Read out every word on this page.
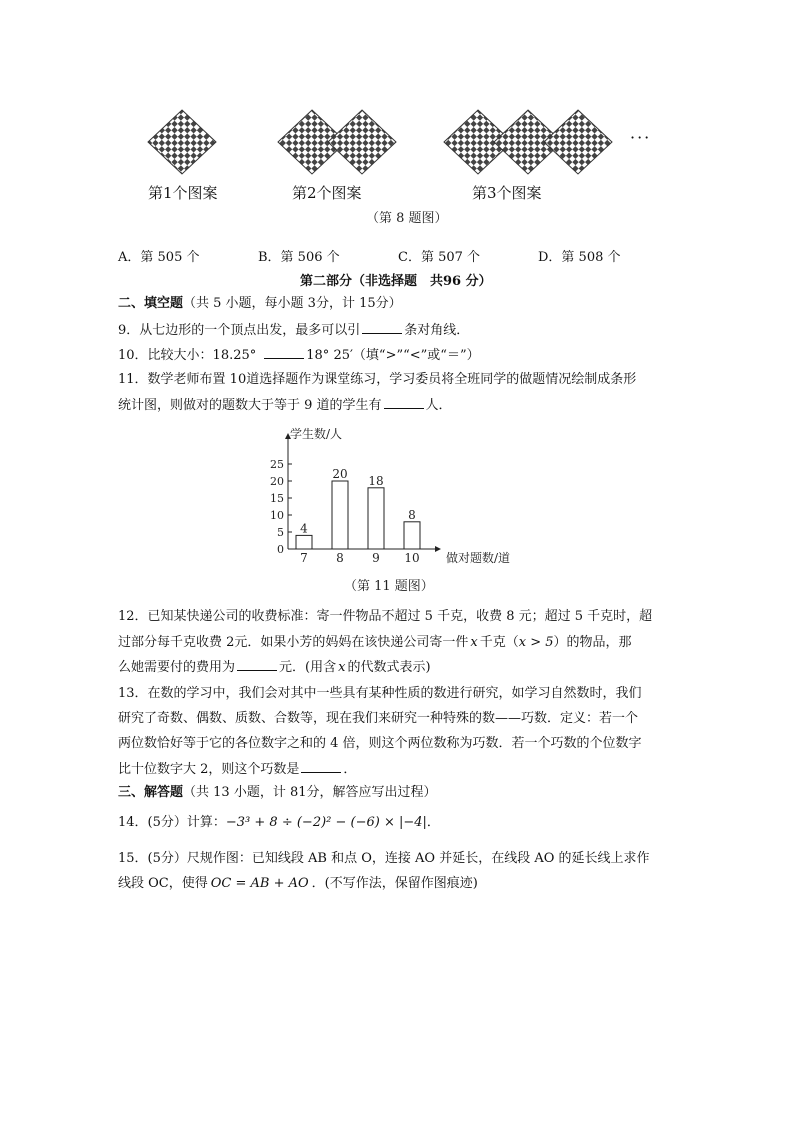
···
第1个图案	第2个图案	第3个图案
（第 8 题图）
A．第 505 个	B．第 506 个	C．第 507 个	D．第 508 个
第二部分（非选择题　共96 分）
二、填空题（共 5 小题，每小题 3分，计 15分）
9．从七边形的一个顶点出发，最多可以引	条对角线．
10．比较大小：18.25°	18° 25′（填“>”“<”或“＝”）
11．数学老师布置 10道选择题作为课堂练习，学习委员将全班同学的做题情况绘制成条形
统计图，则做对的题数大于等于 9 道的学生有	人．
学生数/人
做对题数/道
0
5
10
15
20
25
4
7
20
8
18
9
8
10
（第 11 题图）
12．已知某快递公司的收费标准：寄一件物品不超过 5 千克，收费 8 元；超过 5 千克时，超
过部分每千克收费 2元．如果小芳的妈妈在该快递公司寄一件 x 千克（x > 5）的物品，那
么她需要付的费用为	元．(用含 x 的代数式表示)
13．在数的学习中，我们会对其中一些具有某种性质的数进行研究，如学习自然数时，我们
研究了奇数、偶数、质数、合数等，现在我们来研究一种特殊的数——巧数．定义：若一个
两位数恰好等于它的各位数字之和的 4 倍，则这个两位数称为巧数．若一个巧数的个位数字
比十位数字大 2，则这个巧数是	．
三、解答题（共 13 小题，计 81分，解答应写出过程）
14．(5分）计算：−3³ + 8 ÷ (−2)² − (−6) × |−4|．
15．(5分）尺规作图：已知线段 AB 和点 O，连接 AO 并延长，在线段 AO 的延长线上求作
线段 OC，使得 OC = AB + AO ．(不写作法，保留作图痕迹)
